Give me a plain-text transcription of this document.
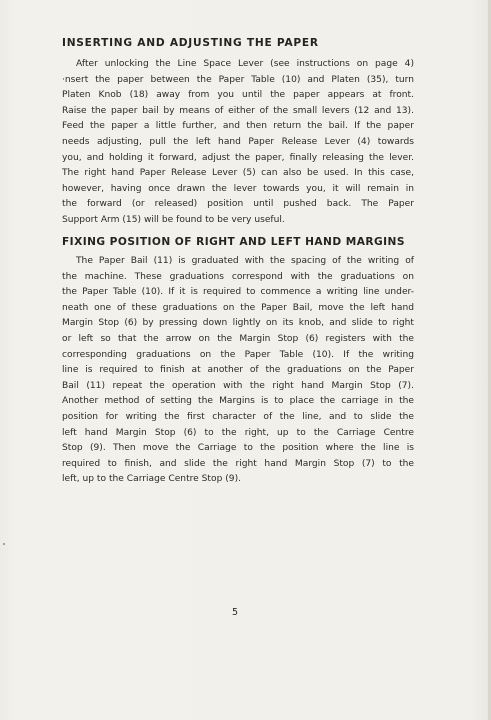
INSERTING AND ADJUSTING THE PAPER
After unlocking the Line Space Lever (see instructions on page 4)
·nsert the paper between the Paper Table (10) and Platen (35), turn
Platen Knob (18) away from you until the paper appears at front.
Raise the paper bail by means of either of the small levers (12 and 13).
Feed the paper a little further, and then return the bail. If the paper
needs adjusting, pull the left hand Paper Release Lever (4) towards
you, and holding it forward, adjust the paper, finally releasing the lever.
The right hand Paper Release Lever (5) can also be used. In this case,
however, having once drawn the lever towards you, it will remain in
the forward (or released) position until pushed back. The Paper
Support Arm (15) will be found to be very useful.
FIXING POSITION OF RIGHT AND LEFT HAND MARGINS
The Paper Bail (11) is graduated with the spacing of the writing of
the machine. These graduations correspond with the graduations on
the Paper Table (10). If it is required to commence a writing line under-
neath one of these graduations on the Paper Bail, move the left hand
Margin Stop (6) by pressing down lightly on its knob, and slide to right
or left so that the arrow on the Margin Stop (6) registers with the
corresponding graduations on the Paper Table (10). If the writing
line is required to finish at another of the graduations on the Paper
Bail (11) repeat the operation with the right hand Margin Stop (7).
Another method of setting the Margins is to place the carriage in the
position for writing the first character of the line, and to slide the
left hand Margin Stop (6) to the right, up to the Carriage Centre
Stop (9). Then move the Carriage to the position where the line is
required to finish, and slide the right hand Margin Stop (7) to the
left, up to the Carriage Centre Stop (9).
5
